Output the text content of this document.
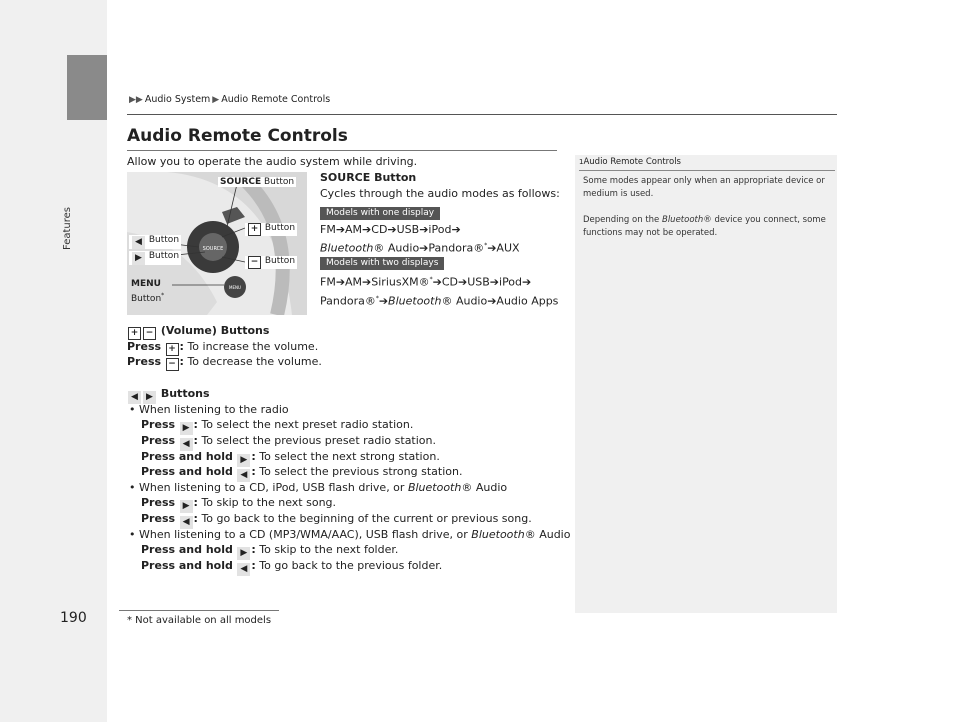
Features
190
▶▶ Audio System ▶ Audio Remote Controls
Audio Remote Controls
Allow you to operate the audio system while driving.
SOURCE
MENU
SOURCE Button
+ Button
− Button
◀ Button
▶ Button
MENU
Button*
SOURCE Button
Cycles through the audio modes as follows:
Models with one display
FM➔AM➔CD➔USB➔iPod➔
Bluetooth® Audio➔Pandora®*➔AUX
Models with two displays
FM➔AM➔SiriusXM®*➔CD➔USB➔iPod➔
Pandora®*➔Bluetooth® Audio➔Audio Apps
+ − (Volume) Buttons
Press + : To increase the volume.
Press − : To decrease the volume.
◀ ▶ Buttons
• When listening to the radio
Press ▶ : To select the next preset radio station.
Press ◀ : To select the previous preset radio station.
Press and hold ▶ : To select the next strong station.
Press and hold ◀ : To select the previous strong station.
• When listening to a CD, iPod, USB flash drive, or Bluetooth® Audio
Press ▶ : To skip to the next song.
Press ◀ : To go back to the beginning of the current or previous song.
• When listening to a CD (MP3/WMA/AAC), USB flash drive, or Bluetooth® Audio
Press and hold ▶ : To skip to the next folder.
Press and hold ◀ : To go back to the previous folder.
1Audio Remote Controls
Some modes appear only when an appropriate device or medium is used.
Depending on the Bluetooth® device you connect, some functions may not be operated.
* Not available on all models
